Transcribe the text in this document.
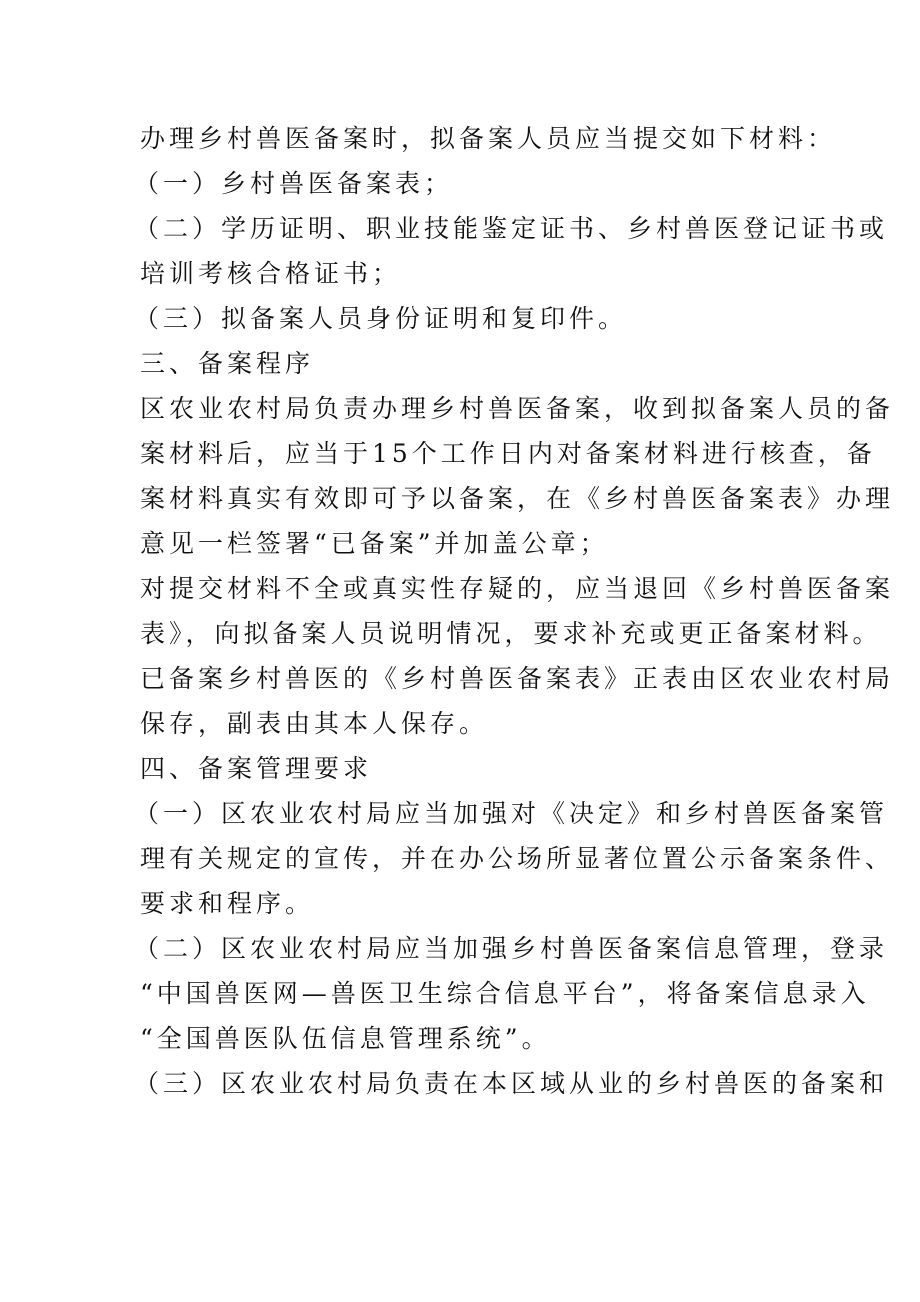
办理乡村兽医备案时，拟备案人员应当提交如下材料：
（一）乡村兽医备案表；
（二）学历证明、职业技能鉴定证书、乡村兽医登记证书或
培训考核合格证书；
（三）拟备案人员身份证明和复印件。
三、备案程序
区农业农村局负责办理乡村兽医备案，收到拟备案人员的备
案材料后，应当于15个工作日内对备案材料进行核查，备
案材料真实有效即可予以备案，在《乡村兽医备案表》办理
意见一栏签署“已备案”并加盖公章；
对提交材料不全或真实性存疑的，应当退回《乡村兽医备案
表》，向拟备案人员说明情况，要求补充或更正备案材料。
已备案乡村兽医的《乡村兽医备案表》正表由区农业农村局
保存，副表由其本人保存。
四、备案管理要求
（一）区农业农村局应当加强对《决定》和乡村兽医备案管
理有关规定的宣传，并在办公场所显著位置公示备案条件、
要求和程序。
（二）区农业农村局应当加强乡村兽医备案信息管理，登录
“中国兽医网—兽医卫生综合信息平台”，将备案信息录入
“全国兽医队伍信息管理系统”。
（三）区农业农村局负责在本区域从业的乡村兽医的备案和
